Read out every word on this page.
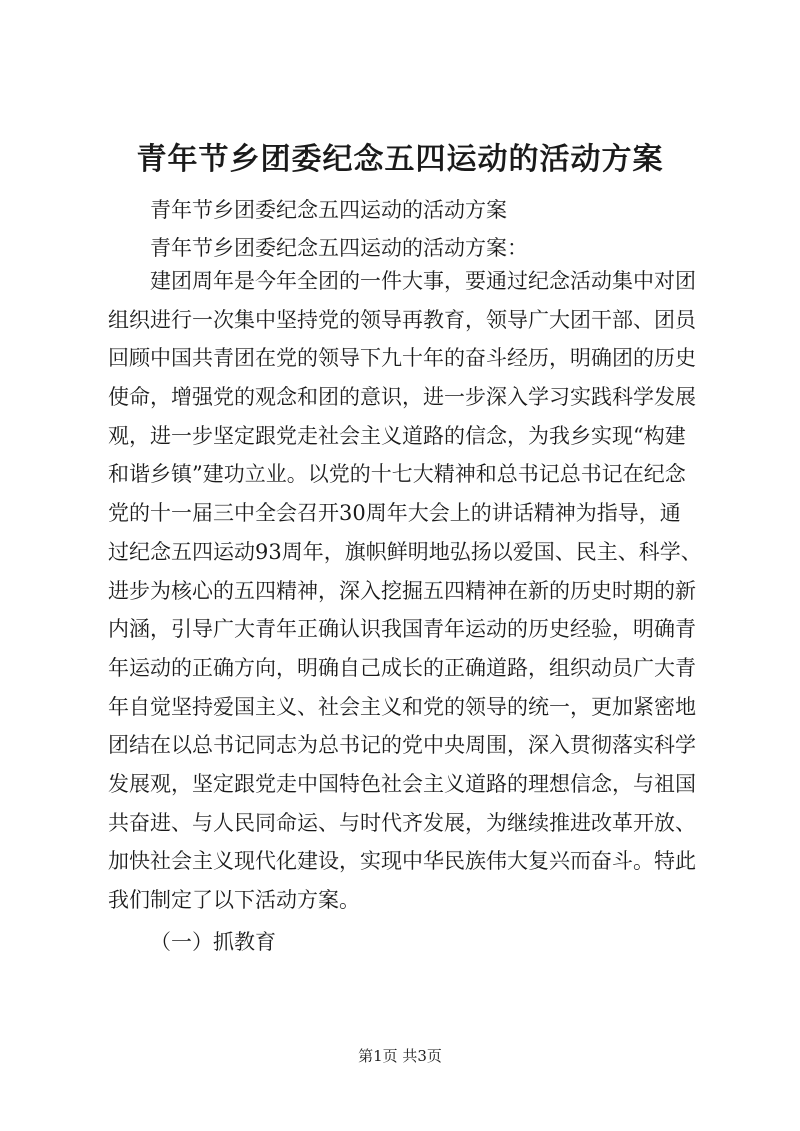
青年节乡团委纪念五四运动的活动方案
青年节乡团委纪念五四运动的活动方案
青年节乡团委纪念五四运动的活动方案：
建团周年是今年全团的一件大事，要通过纪念活动集中对团
组织进行一次集中坚持党的领导再教育，领导广大团干部、团员
回顾中国共青团在党的领导下九十年的奋斗经历，明确团的历史
使命，增强党的观念和团的意识，进一步深入学习实践科学发展
观，进一步坚定跟党走社会主义道路的信念，为我乡实现“构建
和谐乡镇”建功立业。以党的十七大精神和总书记总书记在纪念
党的十一届三中全会召开30周年大会上的讲话精神为指导，通
过纪念五四运动93周年，旗帜鲜明地弘扬以爱国、民主、科学、
进步为核心的五四精神，深入挖掘五四精神在新的历史时期的新
内涵，引导广大青年正确认识我国青年运动的历史经验，明确青
年运动的正确方向，明确自己成长的正确道路，组织动员广大青
年自觉坚持爱国主义、社会主义和党的领导的统一，更加紧密地
团结在以总书记同志为总书记的党中央周围，深入贯彻落实科学
发展观，坚定跟党走中国特色社会主义道路的理想信念，与祖国
共奋进、与人民同命运、与时代齐发展，为继续推进改革开放、
加快社会主义现代化建设，实现中华民族伟大复兴而奋斗。特此
我们制定了以下活动方案。
（一）抓教育
第1页 共3页
